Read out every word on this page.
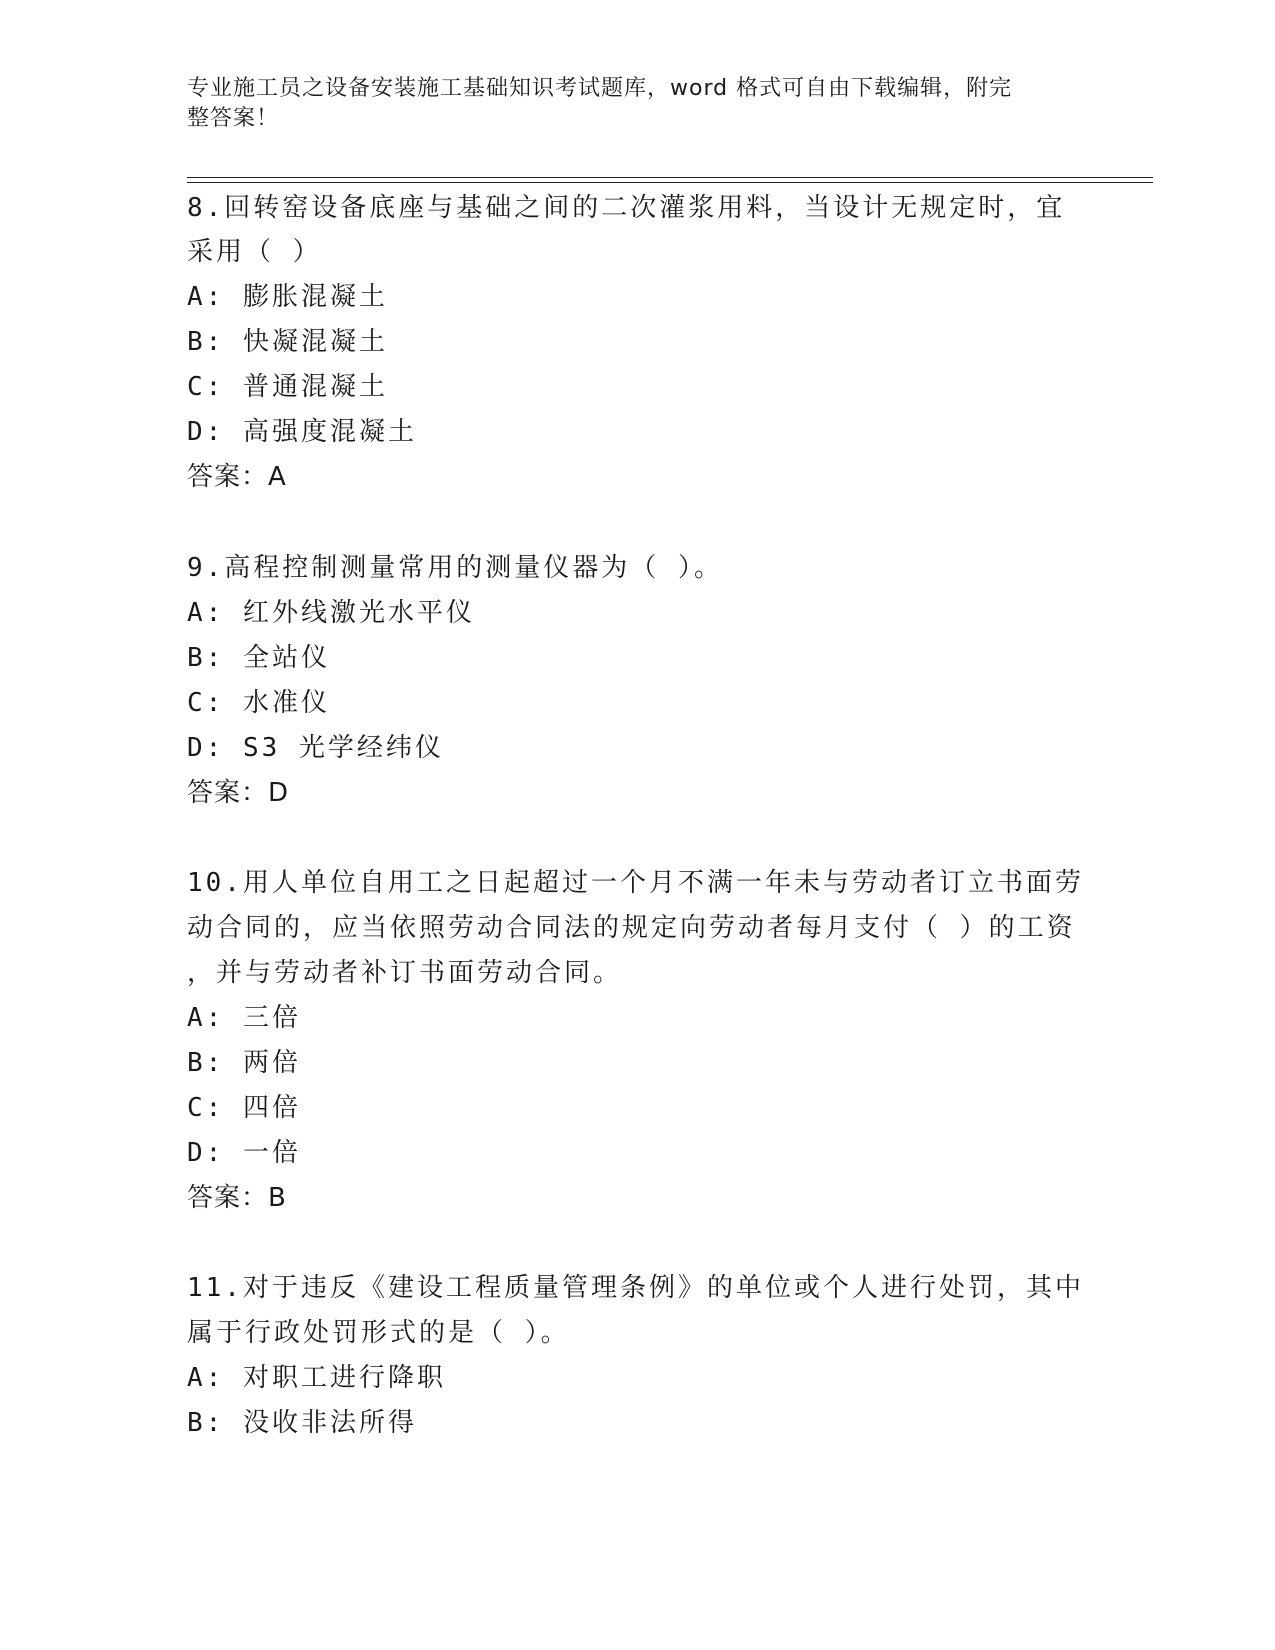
专业施工员之设备安装施工基础知识考试题库，word 格式可自由下载编辑，附完
整答案！
8.回转窑设备底座与基础之间的二次灌浆用料，当设计无规定时，宜
采用（ ）
A: 膨胀混凝土
B: 快凝混凝土
C: 普通混凝土
D: 高强度混凝土
答案：A
9.高程控制测量常用的测量仪器为（ ）。
A: 红外线激光水平仪
B: 全站仪
C: 水准仪
D: S3 光学经纬仪
答案：D
10.用人单位自用工之日起超过一个月不满一年未与劳动者订立书面劳
动合同的，应当依照劳动合同法的规定向劳动者每月支付（ ）的工资
，并与劳动者补订书面劳动合同。
A: 三倍
B: 两倍
C: 四倍
D: 一倍
答案：B
11.对于违反《建设工程质量管理条例》的单位或个人进行处罚，其中
属于行政处罚形式的是（ ）。
A: 对职工进行降职
B: 没收非法所得
